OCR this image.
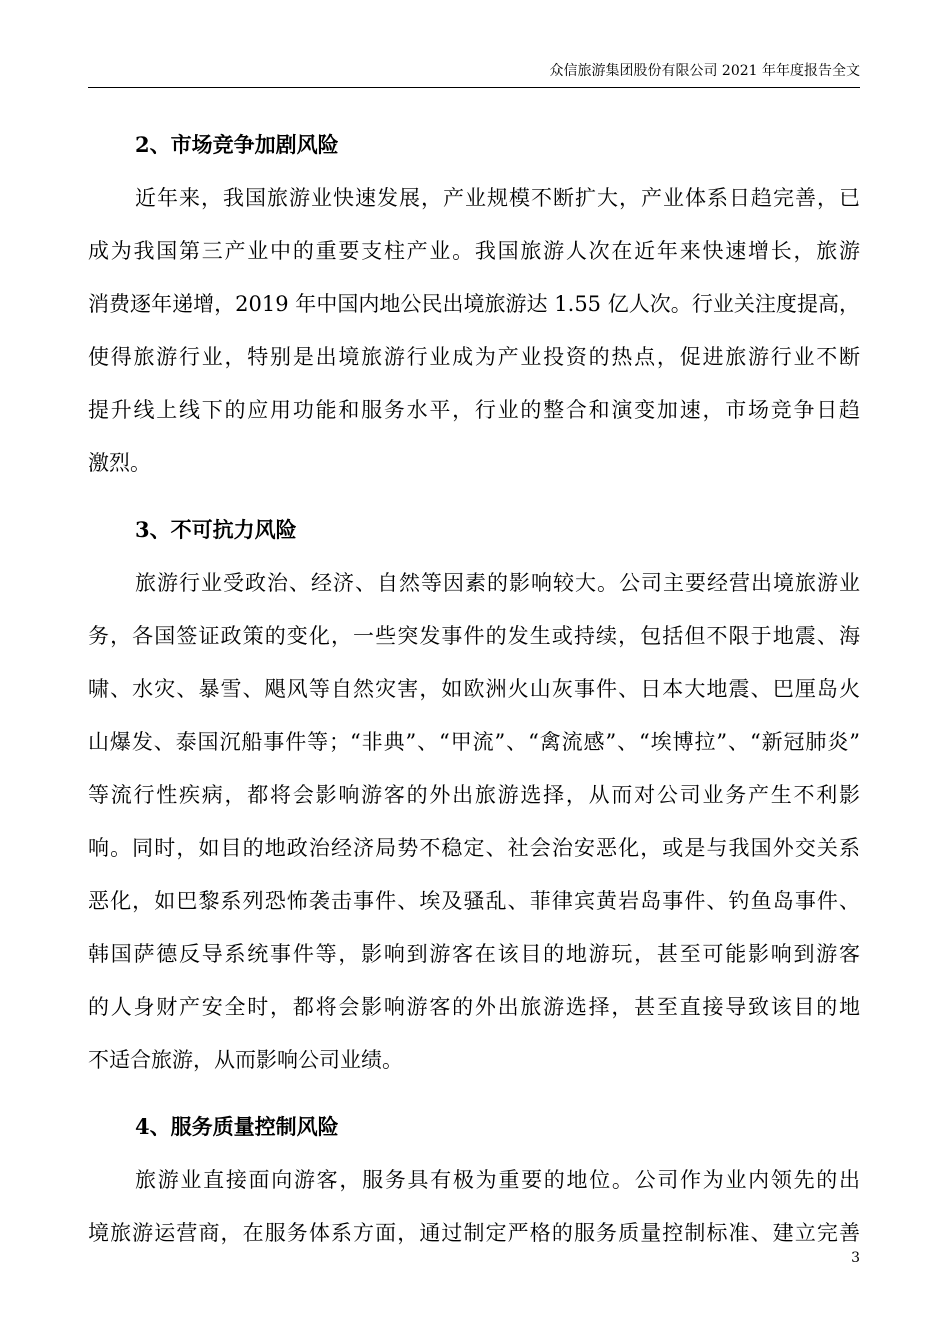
众信旅游集团股份有限公司 2021 年年度报告全文
2、市场竞争加剧风险
近年来，我国旅游业快速发展，产业规模不断扩大，产业体系日趋完善，已
成为我国第三产业中的重要支柱产业。我国旅游人次在近年来快速增长，旅游
消费逐年递增，2019 年中国内地公民出境旅游达 1.55 亿人次。行业关注度提高，
使得旅游行业，特别是出境旅游行业成为产业投资的热点，促进旅游行业不断
提升线上线下的应用功能和服务水平，行业的整合和演变加速，市场竞争日趋
激烈。
3、不可抗力风险
旅游行业受政治、经济、自然等因素的影响较大。公司主要经营出境旅游业
务，各国签证政策的变化，一些突发事件的发生或持续，包括但不限于地震、海
啸、水灾、暴雪、飓风等自然灾害，如欧洲火山灰事件、日本大地震、巴厘岛火
山爆发、泰国沉船事件等；“非典”、“甲流”、“禽流感”、“埃博拉”、“新冠肺炎”
等流行性疾病，都将会影响游客的外出旅游选择，从而对公司业务产生不利影
响。同时，如目的地政治经济局势不稳定、社会治安恶化，或是与我国外交关系
恶化，如巴黎系列恐怖袭击事件、埃及骚乱、菲律宾黄岩岛事件、钓鱼岛事件、
韩国萨德反导系统事件等，影响到游客在该目的地游玩，甚至可能影响到游客
的人身财产安全时，都将会影响游客的外出旅游选择，甚至直接导致该目的地
不适合旅游，从而影响公司业绩。
4、服务质量控制风险
旅游业直接面向游客，服务具有极为重要的地位。公司作为业内领先的出
境旅游运营商，在服务体系方面，通过制定严格的服务质量控制标准、建立完善
3
